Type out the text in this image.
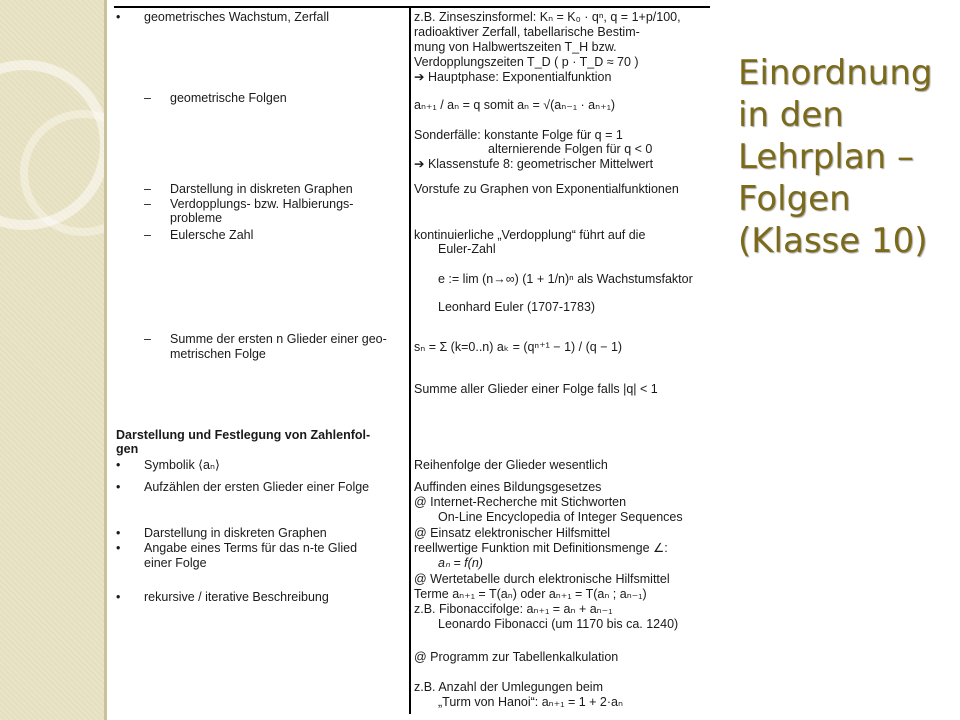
• geometrisches Wachstum, Zerfall
– geometrische Folgen
– Darstellung in diskreten Graphen
– Verdopplungs- bzw. Halbierungs-
probleme
– Eulersche Zahl
– Summe der ersten n Glieder einer geo-
metrischen Folge
Darstellung und Festlegung von Zahlenfol-
gen
• Symbolik ⟨aₙ⟩
• Aufzählen der ersten Glieder einer Folge
• Darstellung in diskreten Graphen
• Angabe eines Terms für das n-te Glied
einer Folge
• rekursive / iterative Beschreibung
z.B. Zinseszinsformel: Kₙ = K₀ · qⁿ, q = 1+p/100,
radioaktiver Zerfall, tabellarische Bestim-
mung von Halbwertszeiten T_H bzw.
Verdopplungszeiten T_D ( p · T_D ≈ 70 )
➔ Hauptphase: Exponentialfunktion
aₙ₊₁ / aₙ = q somit aₙ = √(aₙ₋₁ · aₙ₊₁)
Sonderfälle: konstante Folge für q = 1
alternierende Folgen für q < 0
➔ Klassenstufe 8: geometrischer Mittelwert
Vorstufe zu Graphen von Exponentialfunktionen
kontinuierliche „Verdopplung“ führt auf die
Euler-Zahl
e := lim (n→∞) (1 + 1/n)ⁿ als Wachstumsfaktor
Leonhard Euler (1707-1783)
sₙ = Σ (k=0..n) aₖ = (qⁿ⁺¹ − 1) / (q − 1)
Summe aller Glieder einer Folge falls |q| < 1
Reihenfolge der Glieder wesentlich
Auffinden eines Bildungsgesetzes
@ Internet-Recherche mit Stichworten
On-Line Encyclopedia of Integer Sequences
@ Einsatz elektronischer Hilfsmittel
reellwertige Funktion mit Definitionsmenge ∠:
aₙ = f(n)
@ Wertetabelle durch elektronische Hilfsmittel
Terme aₙ₊₁ = T(aₙ) oder aₙ₊₁ = T(aₙ ; aₙ₋₁)
z.B. Fibonaccifolge: aₙ₊₁ = aₙ + aₙ₋₁
Leonardo Fibonacci (um 1170 bis ca. 1240)
@ Programm zur Tabellenkalkulation
z.B. Anzahl der Umlegungen beim
„Turm von Hanoi“: aₙ₊₁ = 1 + 2·aₙ
Einordnung
in den
Lehrplan –
Folgen
(Klasse 10)
